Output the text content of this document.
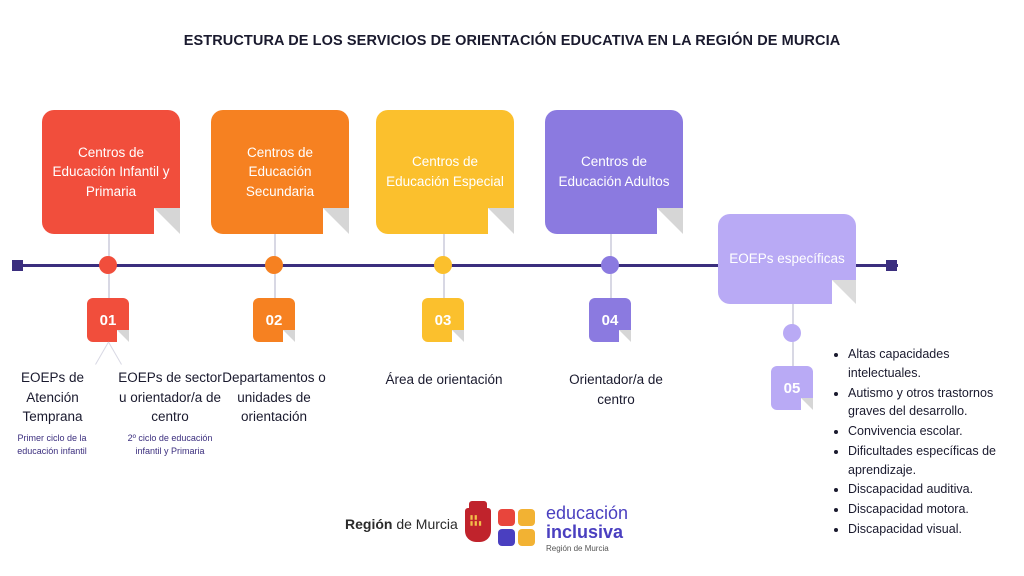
ESTRUCTURA DE LOS SERVICIOS DE ORIENTACIÓN EDUCATIVA EN LA REGIÓN DE MURCIA
Centros de Educación Infantil y Primaria
01
EOEPs de Atención Temprana
Primer ciclo de la educación infantil
EOEPs de sector u orientador/a de centro
2º ciclo de educación infantil y Primaria
Centros de Educación Secundaria
02
Departamentos o unidades de orientación
Centros de Educación Especial
03
Área de orientación
Centros de Educación Adultos
04
Orientador/a de centro
EOEPs específicas
05
• Altas capacidades intelectuales.
• Autismo y otros trastornos graves del desarrollo.
• Convivencia escolar.
• Dificultades específicas de aprendizaje.
• Discapacidad auditiva.
• Discapacidad motora.
• Discapacidad visual.
Región de Murcia ▮▮
▮▮▮
educación
inclusiva
Región de Murcia
